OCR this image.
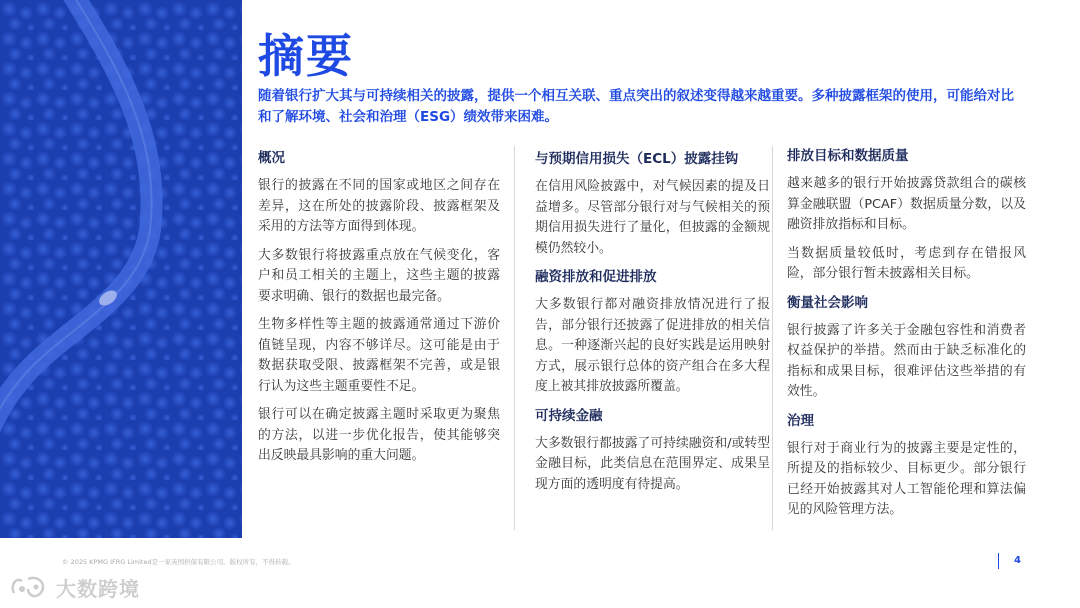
摘要

随着银行扩大其与可持续相关的披露，提供一个相互关联、重点突出的叙述变得越来越重要。多种披露框架的使用，可能给对比和了解环境、社会和治理（ESG）绩效带来困难。

概况

银行的披露在不同的国家或地区之间存在差异，这在所处的披露阶段、披露框架及采用的方法等方面得到体现。

大多数银行将披露重点放在气候变化，客户和员工相关的主题上，这些主题的披露要求明确、银行的数据也最完备。

生物多样性等主题的披露通常通过下游价值链呈现，内容不够详尽。这可能是由于数据获取受限、披露框架不完善，或是银行认为这些主题重要性不足。

银行可以在确定披露主题时采取更为聚焦的方法，以进一步优化报告，使其能够突出反映最具影响的重大问题。

与预期信用损失（ECL）披露挂钩

在信用风险披露中，对气候因素的提及日益增多。尽管部分银行对与气候相关的预期信用损失进行了量化，但披露的金额规模仍然较小。

融资排放和促进排放

大多数银行都对融资排放情况进行了报告，部分银行还披露了促进排放的相关信息。一种逐渐兴起的良好实践是运用映射方式，展示银行总体的资产组合在多大程度上被其排放披露所覆盖。

可持续金融

大多数银行都披露了可持续融资和/或转型金融目标，此类信息在范围界定、成果呈现方面的透明度有待提高。

排放目标和数据质量

越来越多的银行开始披露贷款组合的碳核算金融联盟（PCAF）数据质量分数，以及融资排放指标和目标。

当数据质量较低时，考虑到存在错报风险，部分银行暂未披露相关目标。

衡量社会影响

银行披露了许多关于金融包容性和消费者权益保护的举措。然而由于缺乏标准化的指标和成果目标，很难评估这些举措的有效性。

治理

银行对于商业行为的披露主要是定性的，所提及的指标较少、目标更少。部分银行已经开始披露其对人工智能伦理和算法偏见的风险管理方法。

© 2025 KPMG IFRG Limited是一家英国担保有限公司。版权所有，不得转载。	4
大数跨境
